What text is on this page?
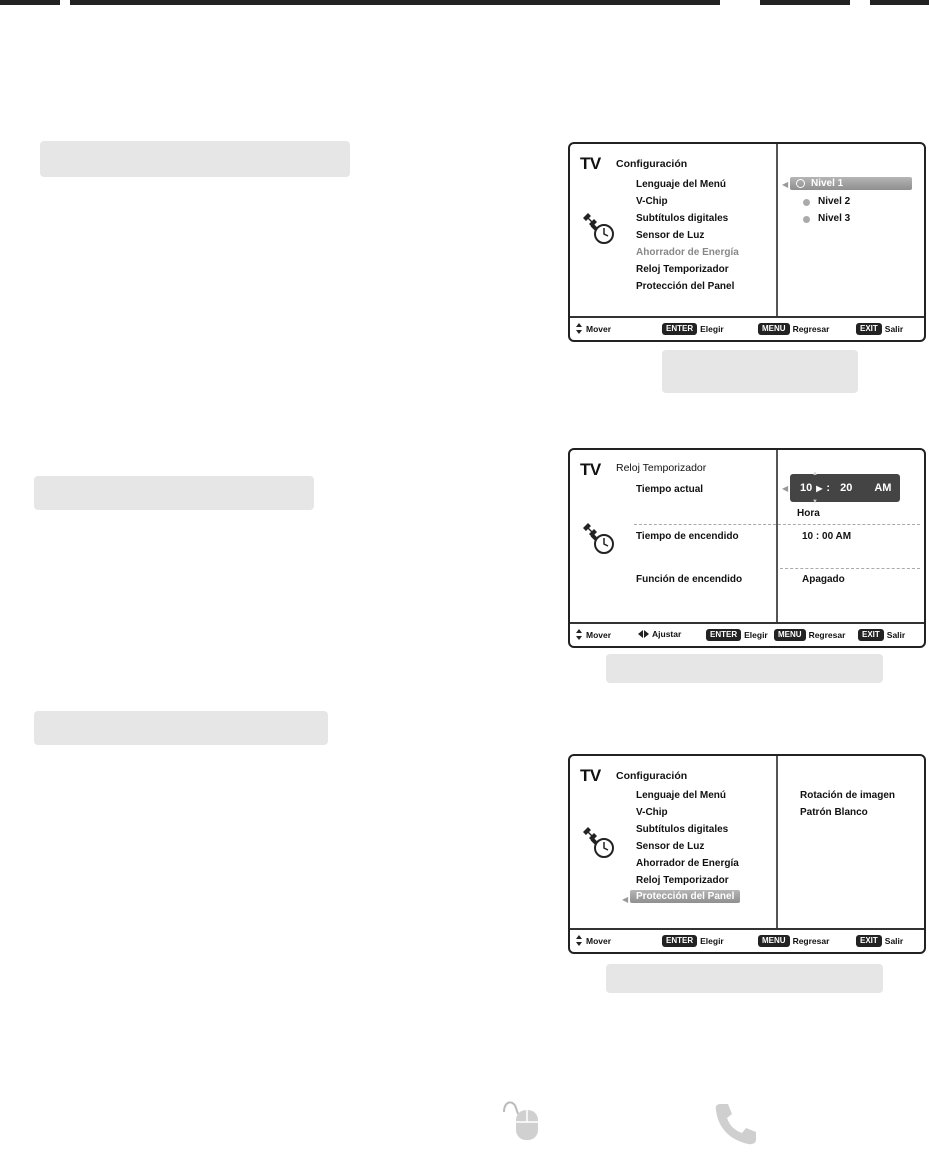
TV Configuración
Lenguaje del Menú
V-Chip
Subtítulos digitales
Sensor de Luz
Ahorrador de Energía
Reloj Temporizador
Protección del Panel
◀	Nivel 1
Nivel 2
Nivel 3
Mover	ENTER Elegir	MENU Regresar	EXIT Salir
TV Reloj Temporizador
Tiempo actual
Tiempo de encendido
Función de encendido
◀
▲
▼
10 ▶ : 20 AM
Hora
10 : 00 AM
Apagado
Mover	Ajustar	ENTER Elegir	MENU Regresar	EXIT Salir
TV Configuración
Lenguaje del Menú
V-Chip
Subtítulos digitales
Sensor de Luz
Ahorrador de Energía
Reloj Temporizador
◀ Protección del Panel
Rotación de imagen
Patrón Blanco
Mover	ENTER Elegir	MENU Regresar	EXIT Salir
